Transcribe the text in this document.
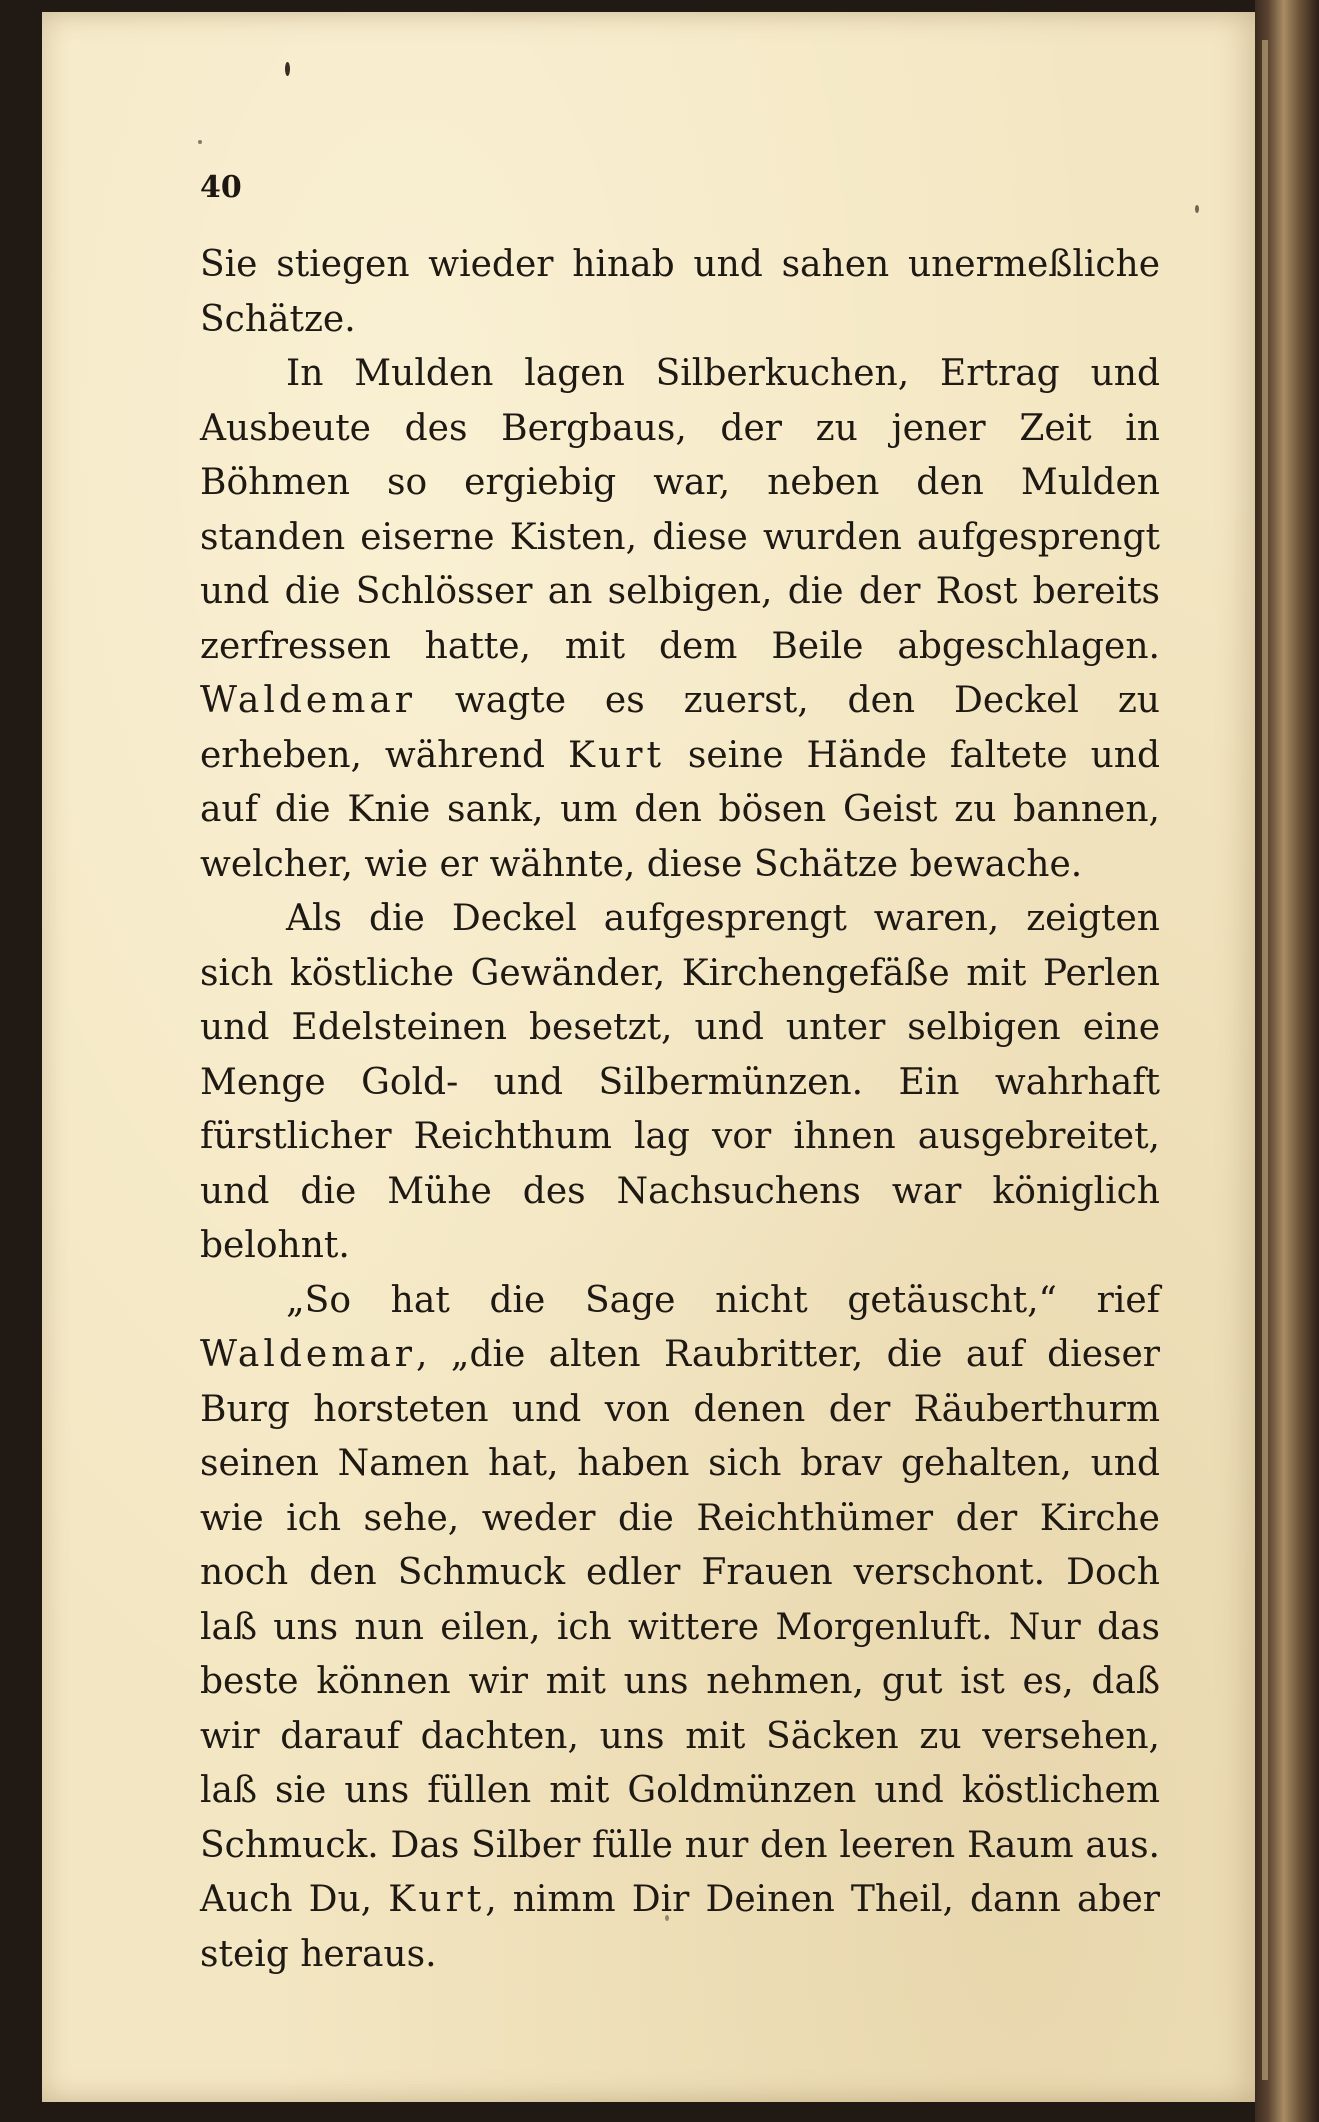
40

Sie stiegen wieder hinab und sahen unermeßliche Schätze.

In Mulden lagen Silberkuchen, Ertrag und Ausbeute des Bergbaus, der zu jener Zeit in Böhmen so ergiebig war, neben den Mulden standen eiserne Kisten, diese wurden aufgesprengt und die Schlösser an selbigen, die der Rost bereits zerfressen hatte, mit dem Beile abgeschlagen. Waldemar wagte es zuerst, den Deckel zu erheben, während Kurt seine Hände faltete und auf die Knie sank, um den bösen Geist zu bannen, welcher, wie er wähnte, diese Schätze bewache.

Als die Deckel aufgesprengt waren, zeigten sich köstliche Gewänder, Kirchengefäße mit Perlen und Edelsteinen besetzt, und unter selbigen eine Menge Gold- und Silbermünzen. Ein wahrhaft fürstlicher Reichthum lag vor ihnen ausgebreitet, und die Mühe des Nachsuchens war königlich belohnt.

„So hat die Sage nicht getäuscht,“ rief Waldemar, „die alten Raubritter, die auf dieser Burg horsteten und von denen der Räuberthurm seinen Namen hat, haben sich brav gehalten, und wie ich sehe, weder die Reichthümer der Kirche noch den Schmuck edler Frauen verschont. Doch laß uns nun eilen, ich wittere Morgenluft. Nur das beste können wir mit uns nehmen, gut ist es, daß wir darauf dachten, uns mit Säcken zu versehen, laß sie uns füllen mit Goldmünzen und köstlichem Schmuck. Das Silber fülle nur den leeren Raum aus. Auch Du, Kurt, nimm Dir Deinen Theil, dann aber steig heraus.
